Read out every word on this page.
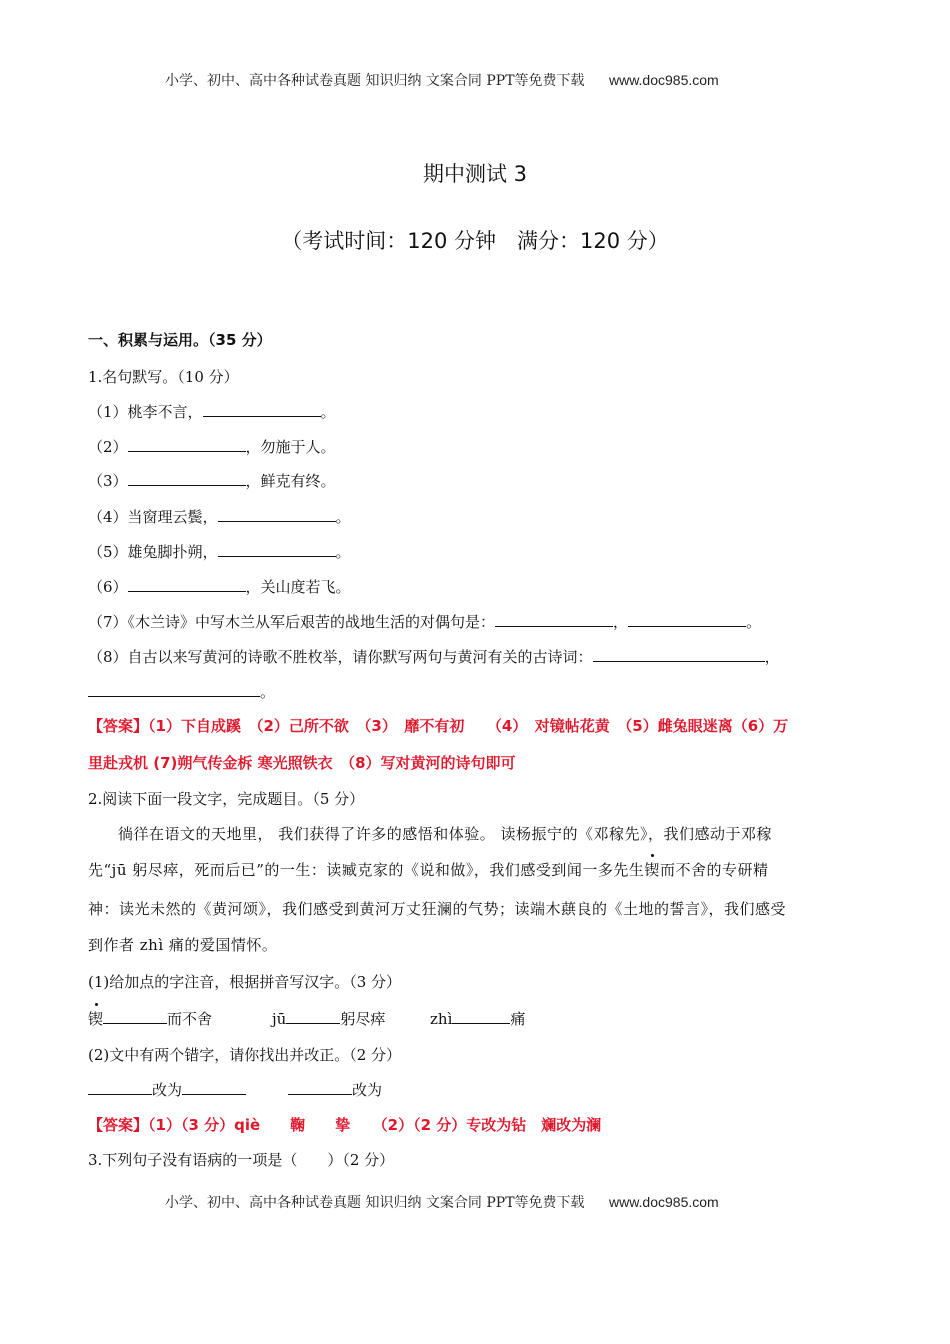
小学、初中、高中各种试卷真题 知识归纳 文案合同 PPT等免费下载 www.doc985.com
期中测试 3
（考试时间：120 分钟　满分：120 分）
一、积累与运用。（35 分）
1.名句默写。（10 分）
（1）桃李不言，	。
（2）	，勿施于人。
（3）	，鲜克有终。
（4）当窗理云鬓，	。
（5）雄兔脚扑朔，	。
（6）	，关山度若飞。
（7）《木兰诗》中写木兰从军后艰苦的战地生活的对偶句是：	，	。
（8）自古以来写黄河的诗歌不胜枚举，请你默写两句与黄河有关的古诗词：	，
。
【答案】（1）下自成蹊　（2）己所不欲　（3）　靡不有初　　（4）　对镜帖花黄　（5）雌兔眼迷离（6）万
里赴戎机 (7)朔气传金柝 寒光照铁衣　（8）写对黄河的诗句即可
2.阅读下面一段文字，完成题目。（5 分）
徜徉在语文的天地里， 我们获得了许多的感悟和体验。 读杨振宁的《邓稼先》，我们感动于邓稼
先“jū 躬尽瘁，死而后已”的一生：读臧克家的《说和做》，我们感受到闻一多先生锲而不舍的专研精
神：读光未然的《黄河颂》，我们感受到黄河万丈狂澜的气势；读端木蕻良的《土地的誓言》，我们感受
到作者 zhì 痛的爱国情怀。
(1)给加点的字注音，根据拼音写汉字。（3 分）
锲	而不舍	jū	躬尽瘁	zhì	痛
(2)文中有两个错字，请你找出并改正。（2 分）
改为	改为
【答案】（1）（3 分）qiè　　鞠　　挚　　（2）（2 分）专改为钻　斓改为澜
3.下列句子没有语病的一项是（　　）（2 分）
小学、初中、高中各种试卷真题 知识归纳 文案合同 PPT等免费下载 www.doc985.com
